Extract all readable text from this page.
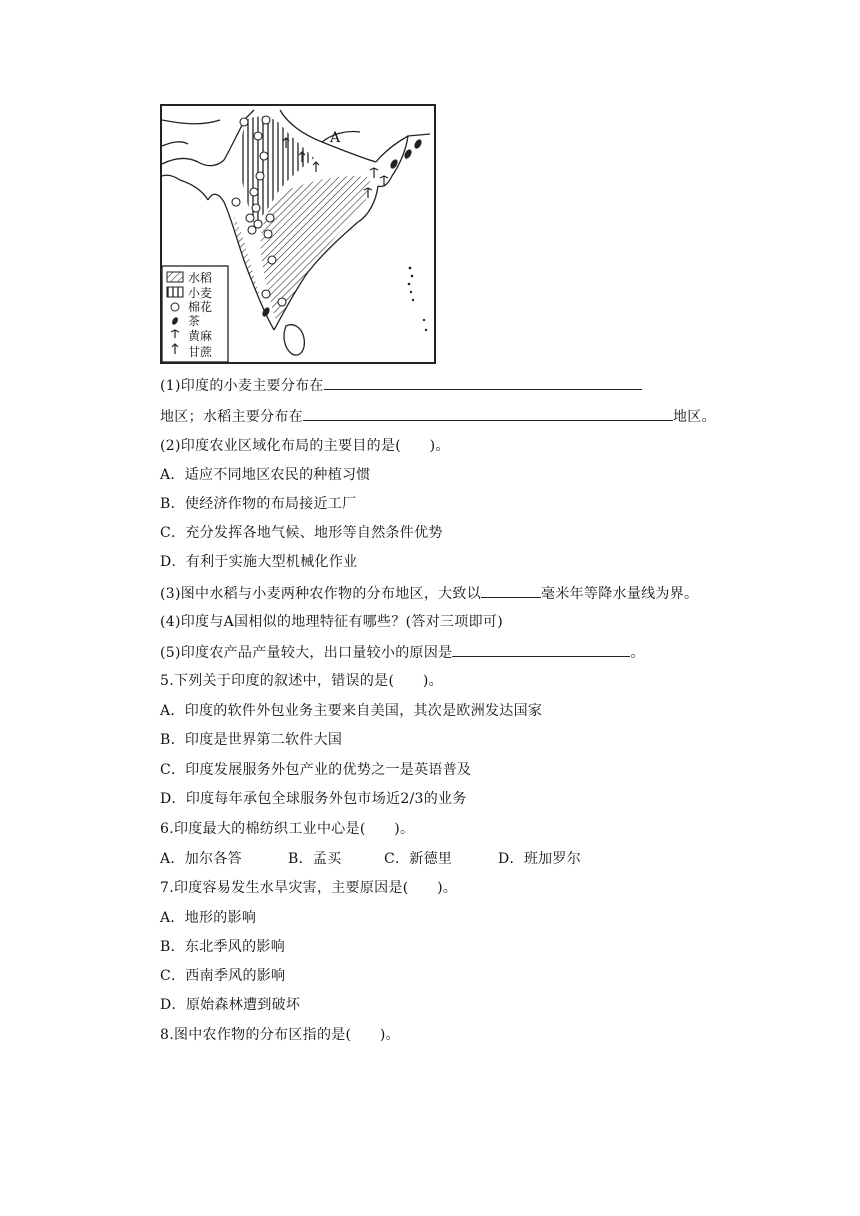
A
水稻
小麦
棉花
茶
黄麻
甘蔗
(1)印度的小麦主要分布在
地区；水稻主要分布在	地区。
(2)印度农业区域化布局的主要目的是(　　)。
A．适应不同地区农民的种植习惯
B．使经济作物的布局接近工厂
C．充分发挥各地气候、地形等自然条件优势
D．有利于实施大型机械化作业
(3)图中水稻与小麦两种农作物的分布地区，大致以	毫米年等降水量线为界。
(4)印度与A国相似的地理特征有哪些？(答对三项即可)
(5)印度农产品产量较大，出口量较小的原因是	。
5.下列关于印度的叙述中，错误的是(　　)。
A．印度的软件外包业务主要来自美国，其次是欧洲发达国家
B．印度是世界第二软件大国
C．印度发展服务外包产业的优势之一是英语普及
D．印度每年承包全球服务外包市场近2/3的业务
6.印度最大的棉纺织工业中心是(　　)。
A．加尔各答	B．孟买	C．新德里	D．班加罗尔
7.印度容易发生水旱灾害，主要原因是(　　)。
A．地形的影响
B．东北季风的影响
C．西南季风的影响
D．原始森林遭到破坏
8.图中农作物的分布区指的是(　　)。
